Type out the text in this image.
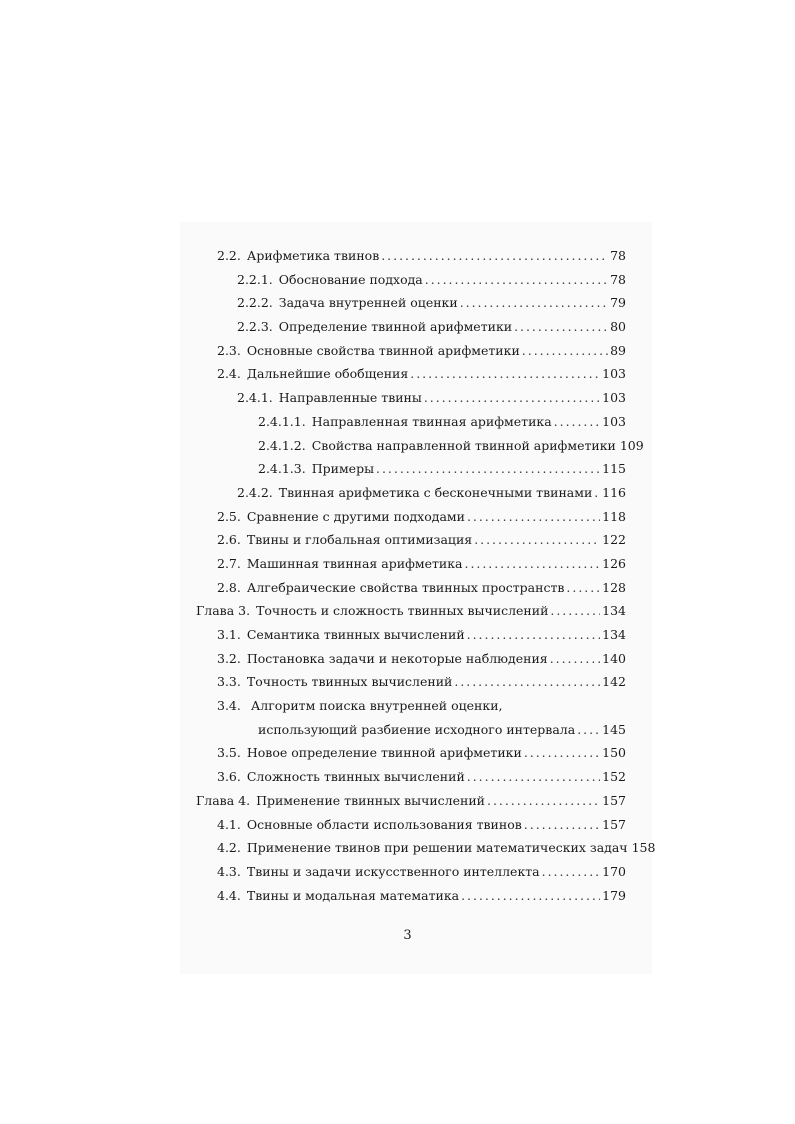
2.2. Арифметика твинов . . .	78
2.2.1. Обоснование подхода . . .	78
2.2.2. Задача внутренней оценки . . .	79
2.2.3. Определение твинной арифметики . . .	80
2.3. Основные свойства твинной арифметики . . .	89
2.4. Дальнейшие обобщения . . .	103
2.4.1. Направленные твины . . .	103
2.4.1.1. Направленная твинная арифметика . . .	103
2.4.1.2. Свойства направленной твинной арифметики 109
2.4.1.3. Примеры . . .	115
2.4.2. Твинная арифметика с бесконечными твинами . . . 116
2.5. Сравнение с другими подходами . . .	118
2.6. Твины и глобальная оптимизация . . .	122
2.7. Машинная твинная арифметика . . .	126
2.8. Алгебраические свойства твинных пространств . . .	128
Глава 3. Точность и сложность твинных вычислений . . .	134
3.1. Семантика твинных вычислений . . .	134
3.2. Постановка задачи и некоторые наблюдения . . .	140
3.3. Точность твинных вычислений . . .	142
3.4. Алгоритм поиска внутренней оценки,
использующий разбиение исходного интервала . . . 145
3.5. Новое определение твинной арифметики . . .	150
3.6. Сложность твинных вычислений . . .	152
Глава 4. Применение твинных вычислений . . .	157
4.1. Основные области использования твинов . . .	157
4.2. Применение твинов при решении математических задач 158
4.3. Твины и задачи искусственного интеллекта . . .	170
4.4. Твины и модальная математика . . .	179
3
